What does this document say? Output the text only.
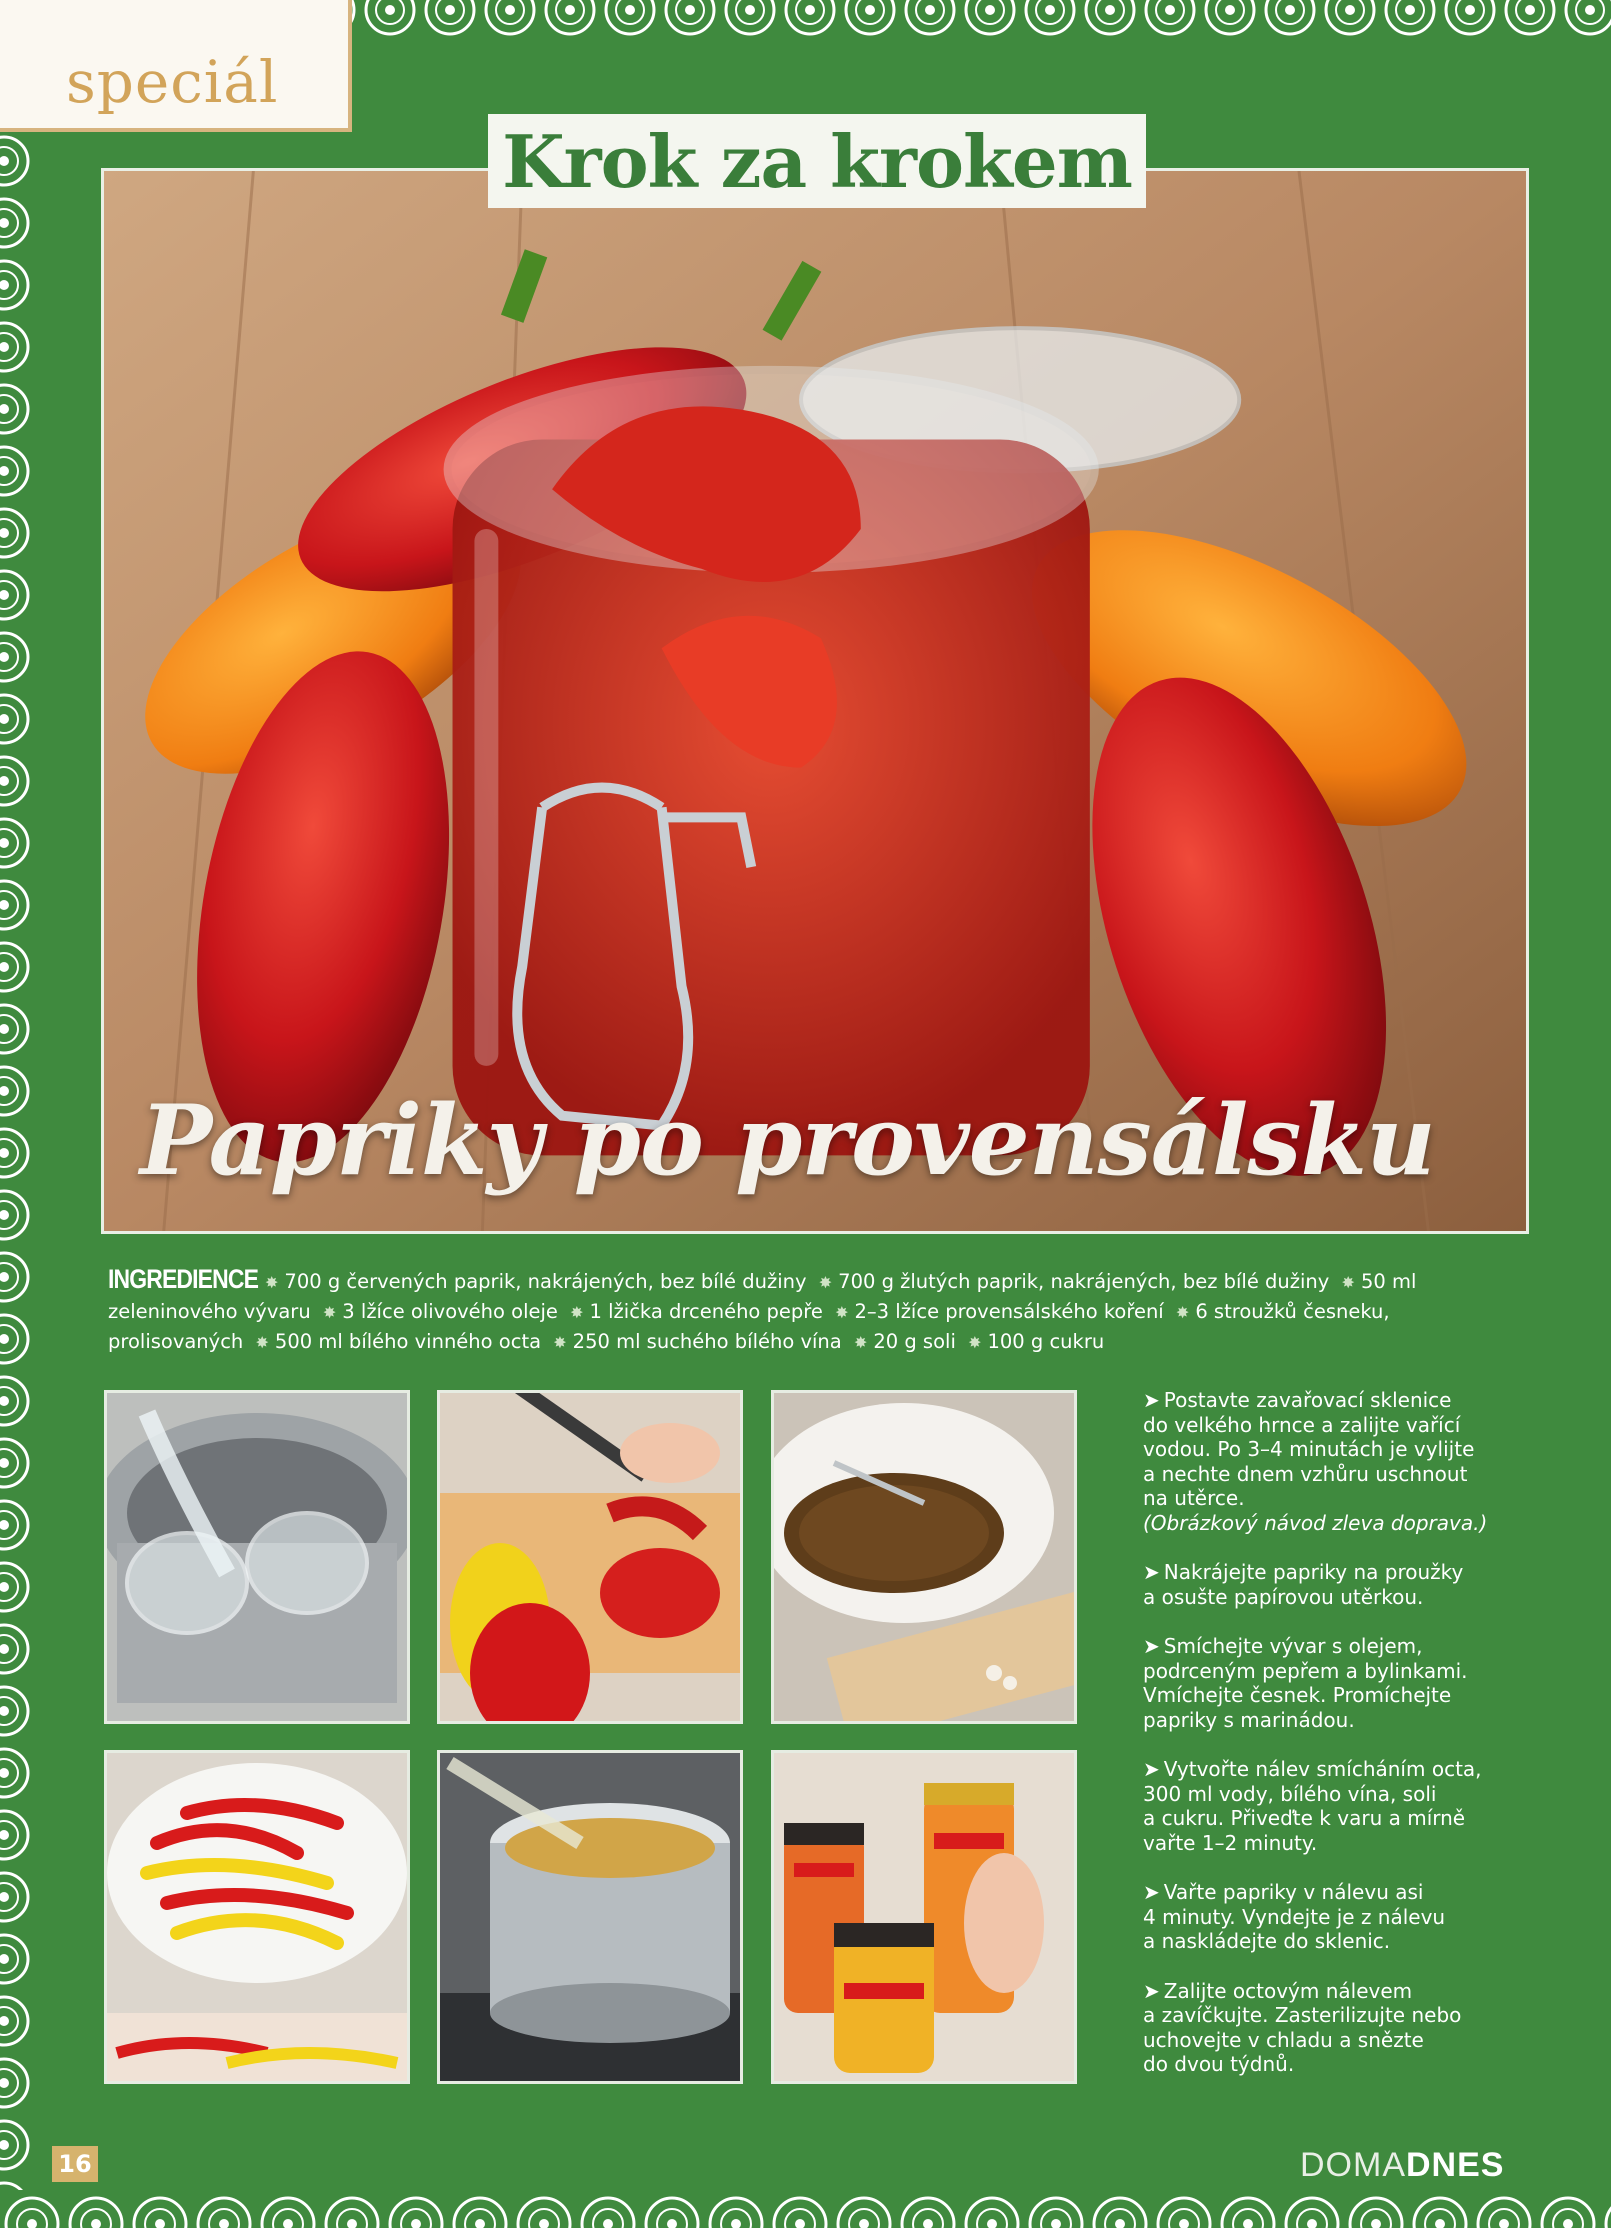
speciál
Krok za krokem
Papriky po provensálsku
INGREDIENCE ✸ 700 g červených paprik, nakrájených, bez bílé dužiny ✸ 700 g žlutých paprik, nakrájených, bez bílé dužiny ✸ 50 ml zeleninového vývaru ✸ 3 lžíce olivového oleje ✸ 1 lžička drceného pepře ✸ 2–3 lžíce provensálského koření ✸ 6 stroužků česneku, prolisovaných ✸ 500 ml bílého vinného octa ✸ 250 ml suchého bílého vína ✸ 20 g soli ✸ 100 g cukru
➤ Postavte zavařovací sklenice
do velkého hrnce a zalijte vařící
vodou. Po 3–4 minutách je vylijte
a nechte dnem vzhůru uschnout
na utěrce.
(Obrázkový návod zleva doprava.)
➤ Nakrájejte papriky na proužky
a osušte papírovou utěrkou.
➤ Smíchejte vývar s olejem,
podrceným pepřem a bylinkami.
Vmíchejte česnek. Promíchejte
papriky s marinádou.
➤ Vytvořte nálev smícháním octa,
300 ml vody, bílého vína, soli
a cukru. Přiveďte k varu a mírně
vařte 1–2 minuty.
➤ Vařte papriky v nálevu asi
4 minuty. Vyndejte je z nálevu
a naskládejte do sklenic.
➤ Zalijte octovým nálevem
a zavíčkujte. Zasterilizujte nebo
uchovejte v chladu a snězte
do dvou týdnů.
16	DOMADNES
